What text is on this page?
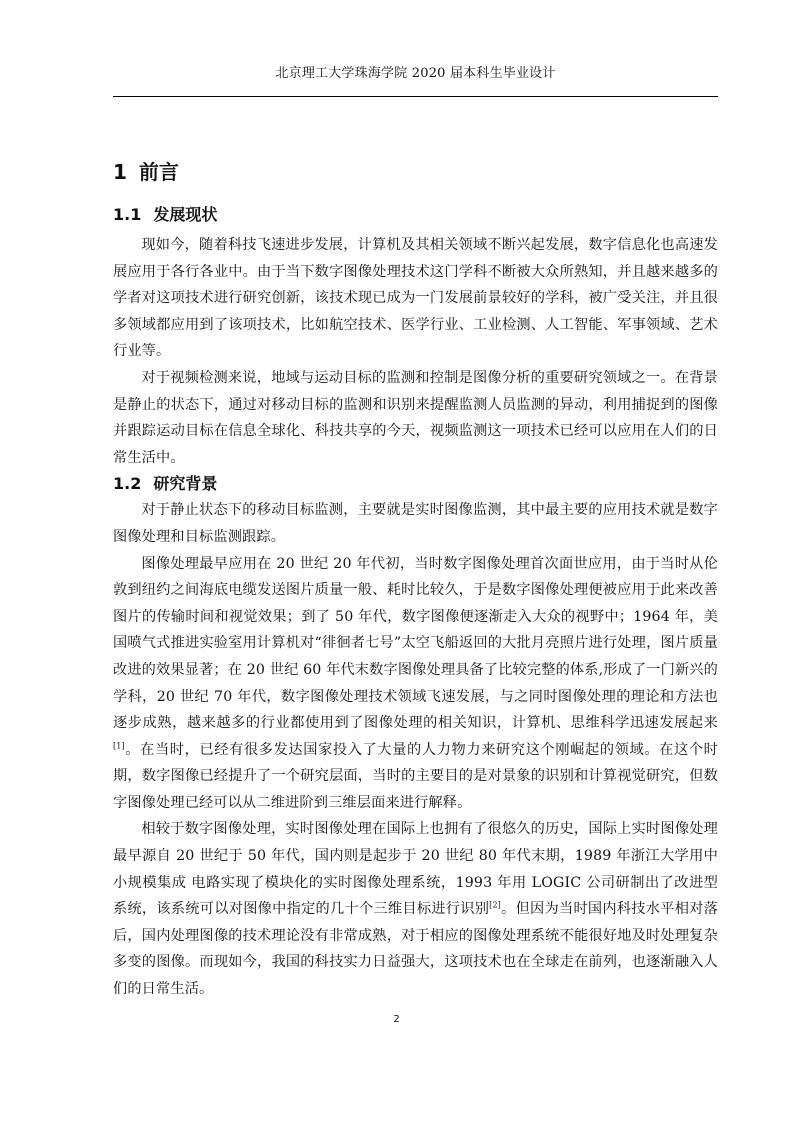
北京理工大学珠海学院 2020 届本科生毕业设计
1 前言
1.1 发展现状

现如今，随着科技飞速进步发展，计算机及其相关领域不断兴起发展，数字信息化也高速发展应用于各行各业中。由于当下数字图像处理技术这门学科不断被大众所熟知，并且越来越多的学者对这项技术进行研究创新，该技术现已成为一门发展前景较好的学科，被广受关注，并且很多领域都应用到了该项技术，比如航空技术、医学行业、工业检测、人工智能、军事领域、艺术行业等。

对于视频检测来说，地域与运动目标的监测和控制是图像分析的重要研究领域之一。在背景是静止的状态下，通过对移动目标的监测和识别来提醒监测人员监测的异动，利用捕捉到的图像并跟踪运动目标在信息全球化、科技共享的今天，视频监测这一项技术已经可以应用在人们的日常生活中。

1.2 研究背景

对于静止状态下的移动目标监测，主要就是实时图像监测，其中最主要的应用技术就是数字图像处理和目标监测跟踪。

图像处理最早应用在 20 世纪 20 年代初，当时数字图像处理首次面世应用，由于当时从伦敦到纽约之间海底电缆发送图片质量一般、耗时比较久，于是数字图像处理便被应用于此来改善图片的传输时间和视觉效果；到了 50 年代，数字图像便逐渐走入大众的视野中；1964 年，美国喷气式推进实验室用计算机对“徘徊者七号”太空飞船返回的大批月亮照片进行处理，图片质量改进的效果显著；在 20 世纪 60 年代末数字图像处理具备了比较完整的体系,形成了一门新兴的学科，20 世纪 70 年代，数字图像处理技术领域飞速发展，与之同时图像处理的理论和方法也逐步成熟，越来越多的行业都使用到了图像处理的相关知识，计算机、思维科学迅速发展起来[1]。在当时，已经有很多发达国家投入了大量的人力物力来研究这个刚崛起的领域。在这个时期，数字图像已经提升了一个研究层面，当时的主要目的是对景象的识别和计算视觉研究，但数字图像处理已经可以从二维进阶到三维层面来进行解释。

相较于数字图像处理，实时图像处理在国际上也拥有了很悠久的历史，国际上实时图像处理最早源自 20 世纪于 50 年代，国内则是起步于 20 世纪 80 年代末期，1989 年浙江大学用中小规模集成 电路实现了模块化的实时图像处理系统，1993 年用 LOGIC 公司研制出了改进型系统，该系统可以对图像中指定的几十个三维目标进行识别[2]。但因为当时国内科技水平相对落后，国内处理图像的技术理论没有非常成熟，对于相应的图像处理系统不能很好地及时处理复杂多变的图像。而现如今，我国的科技实力日益强大，这项技术也在全球走在前列，也逐渐融入人们的日常生活。

2
